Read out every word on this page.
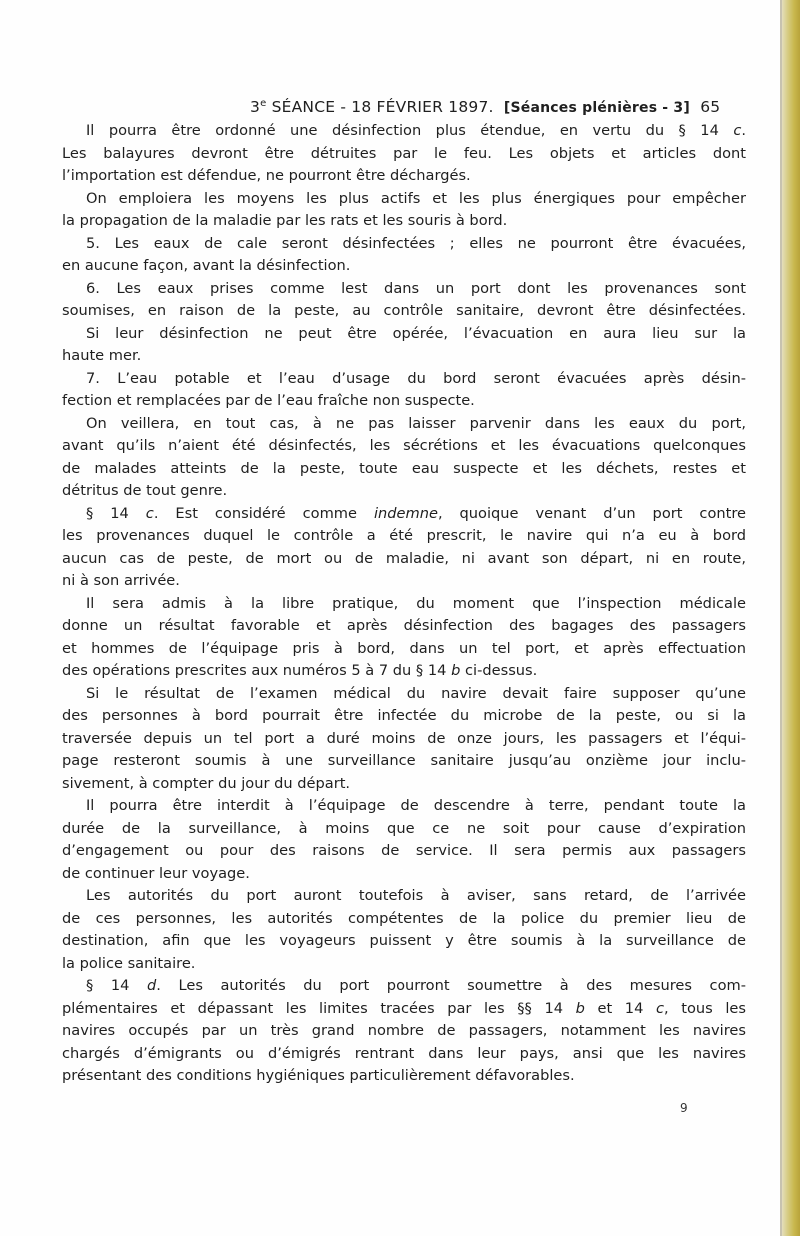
3e SÉANCE - 18 FÉVRIER 1897. [Séances plénières - 3] 65
Il pourra être ordonné une désinfection plus étendue, en vertu du § 14 c.
Les balayures devront être détruites par le feu. Les objets et articles dont
l’importation est défendue, ne pourront être déchargés.
On emploiera les moyens les plus actifs et les plus énergiques pour empêcher
la propagation de la maladie par les rats et les souris à bord.
5. Les eaux de cale seront désinfectées ; elles ne pourront être évacuées,
en aucune façon, avant la désinfection.
6. Les eaux prises comme lest dans un port dont les provenances sont
soumises, en raison de la peste, au contrôle sanitaire, devront être désinfectées.
Si leur désinfection ne peut être opérée, l’évacuation en aura lieu sur la
haute mer.
7. L’eau potable et l’eau d’usage du bord seront évacuées après désin-
fection et remplacées par de l’eau fraîche non suspecte.
On veillera, en tout cas, à ne pas laisser parvenir dans les eaux du port,
avant qu’ils n’aient été désinfectés, les sécrétions et les évacuations quelconques
de malades atteints de la peste, toute eau suspecte et les déchets, restes et
détritus de tout genre.
§ 14 c. Est considéré comme indemne, quoique venant d’un port contre
les provenances duquel le contrôle a été prescrit, le navire qui n’a eu à bord
aucun cas de peste, de mort ou de maladie, ni avant son départ, ni en route,
ni à son arrivée.
Il sera admis à la libre pratique, du moment que l’inspection médicale
donne un résultat favorable et après désinfection des bagages des passagers
et hommes de l’équipage pris à bord, dans un tel port, et après effectuation
des opérations prescrites aux numéros 5 à 7 du § 14 b ci-dessus.
Si le résultat de l’examen médical du navire devait faire supposer qu’une
des personnes à bord pourrait être infectée du microbe de la peste, ou si la
traversée depuis un tel port a duré moins de onze jours, les passagers et l’équi-
page resteront soumis à une surveillance sanitaire jusqu’au onzième jour inclu-
sivement, à compter du jour du départ.
Il pourra être interdit à l’équipage de descendre à terre, pendant toute la
durée de la surveillance, à moins que ce ne soit pour cause d’expiration
d’engagement ou pour des raisons de service. Il sera permis aux passagers
de continuer leur voyage.
Les autorités du port auront toutefois à aviser, sans retard, de l’arrivée
de ces personnes, les autorités compétentes de la police du premier lieu de
destination, afin que les voyageurs puissent y être soumis à la surveillance de
la police sanitaire.
§ 14 d. Les autorités du port pourront soumettre à des mesures com-
plémentaires et dépassant les limites tracées par les §§ 14 b et 14 c, tous les
navires occupés par un très grand nombre de passagers, notamment les navires
chargés d’émigrants ou d’émigrés rentrant dans leur pays, ansi que les navires
présentant des conditions hygiéniques particulièrement défavorables.
9
